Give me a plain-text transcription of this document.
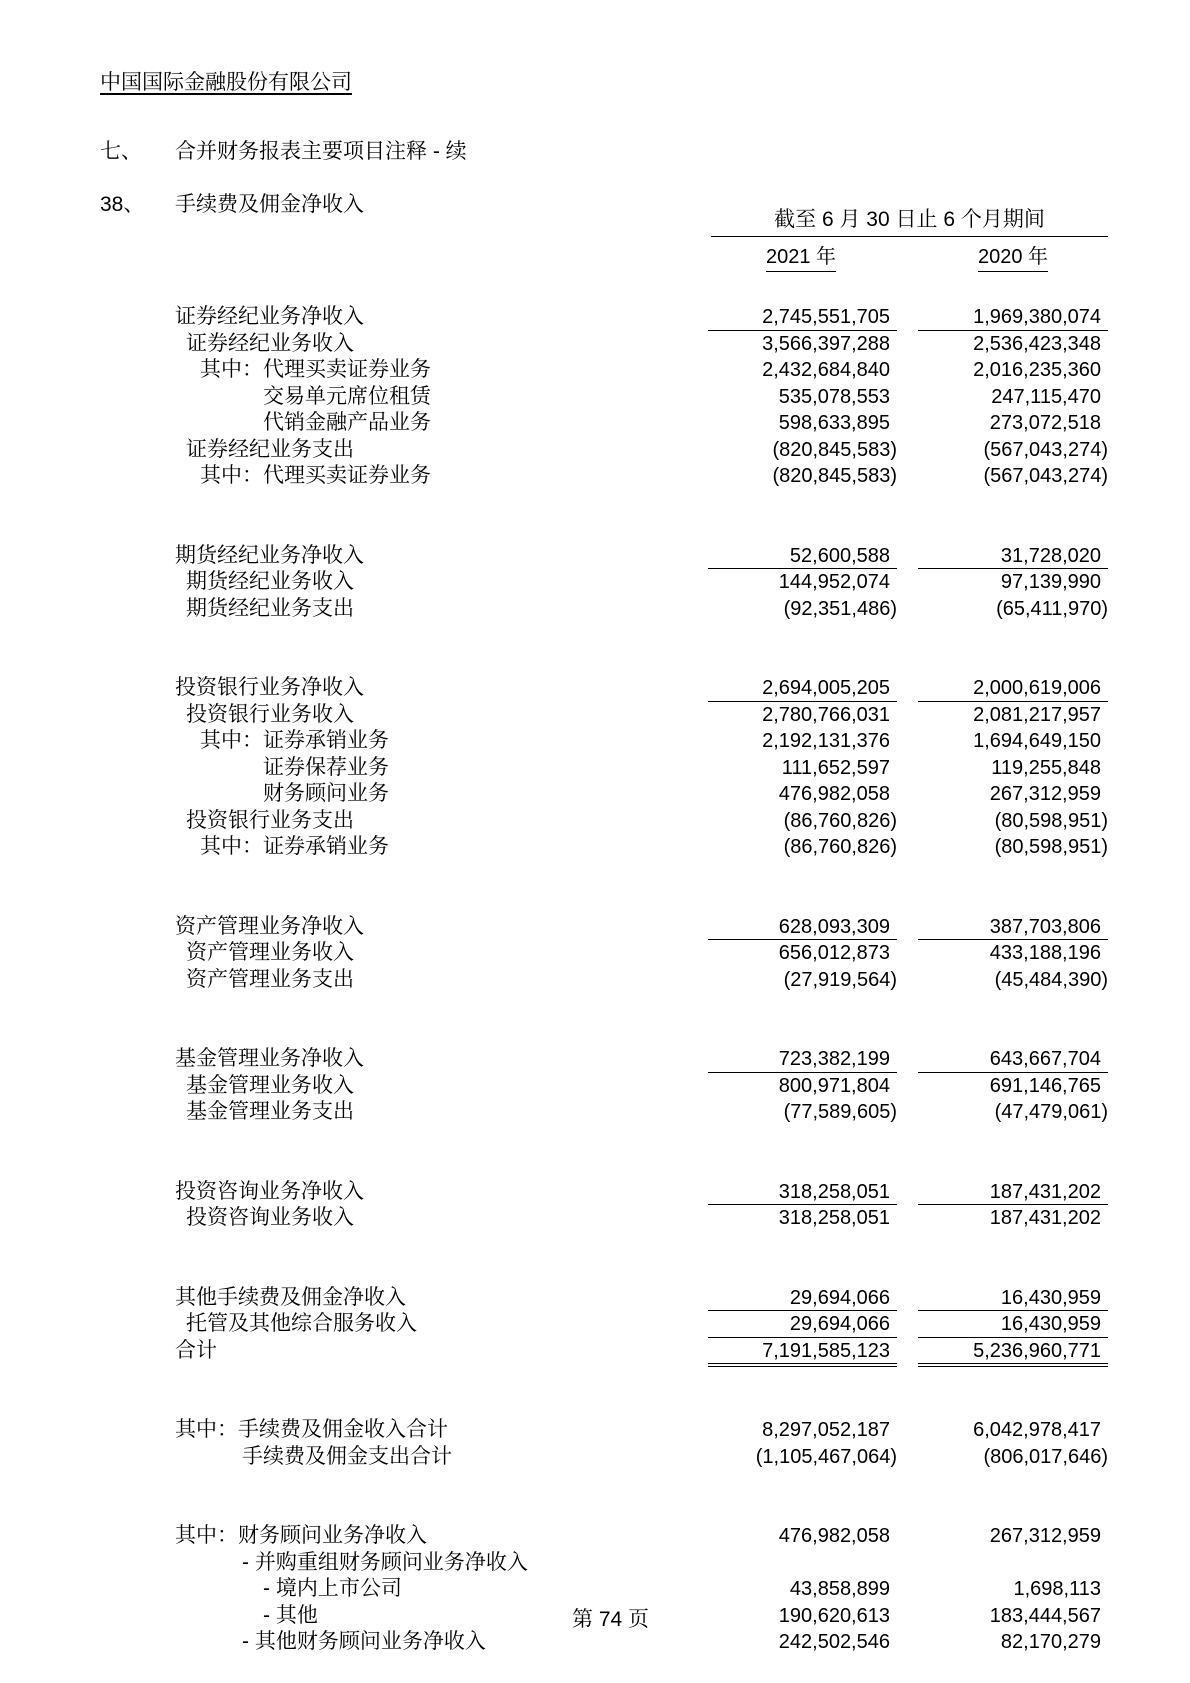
中国国际金融股份有限公司
七、 合并财务报表主要项目注释 - 续
38、 手续费及佣金净收入
截至 6 月 30 日止 6 个月期间
2021 年	2020 年
证券经纪业务净收入	2,745,551,705	1,969,380,074
证券经纪业务收入	3,566,397,288	2,536,423,348
其中：代理买卖证券业务	2,432,684,840	2,016,235,360
交易单元席位租赁	535,078,553	247,115,470
代销金融产品业务	598,633,895	273,072,518
证券经纪业务支出	(820,845,583)	(567,043,274)
其中：代理买卖证券业务	(820,845,583)	(567,043,274)
期货经纪业务净收入	52,600,588	31,728,020
期货经纪业务收入	144,952,074	97,139,990
期货经纪业务支出	(92,351,486)	(65,411,970)
投资银行业务净收入	2,694,005,205	2,000,619,006
投资银行业务收入	2,780,766,031	2,081,217,957
其中：证券承销业务	2,192,131,376	1,694,649,150
证券保荐业务	111,652,597	119,255,848
财务顾问业务	476,982,058	267,312,959
投资银行业务支出	(86,760,826)	(80,598,951)
其中：证券承销业务	(86,760,826)	(80,598,951)
资产管理业务净收入	628,093,309	387,703,806
资产管理业务收入	656,012,873	433,188,196
资产管理业务支出	(27,919,564)	(45,484,390)
基金管理业务净收入	723,382,199	643,667,704
基金管理业务收入	800,971,804	691,146,765
基金管理业务支出	(77,589,605)	(47,479,061)
投资咨询业务净收入	318,258,051	187,431,202
投资咨询业务收入	318,258,051	187,431,202
其他手续费及佣金净收入	29,694,066	16,430,959
托管及其他综合服务收入	29,694,066	16,430,959
合计	7,191,585,123	5,236,960,771
其中：手续费及佣金收入合计	8,297,052,187	6,042,978,417
手续费及佣金支出合计	(1,105,467,064)	(806,017,646)
其中：财务顾问业务净收入	476,982,058	267,312,959
- 并购重组财务顾问业务净收入
- 境内上市公司	43,858,899	1,698,113
- 其他	190,620,613	183,444,567
- 其他财务顾问业务净收入	242,502,546	82,170,279
第 74 页
